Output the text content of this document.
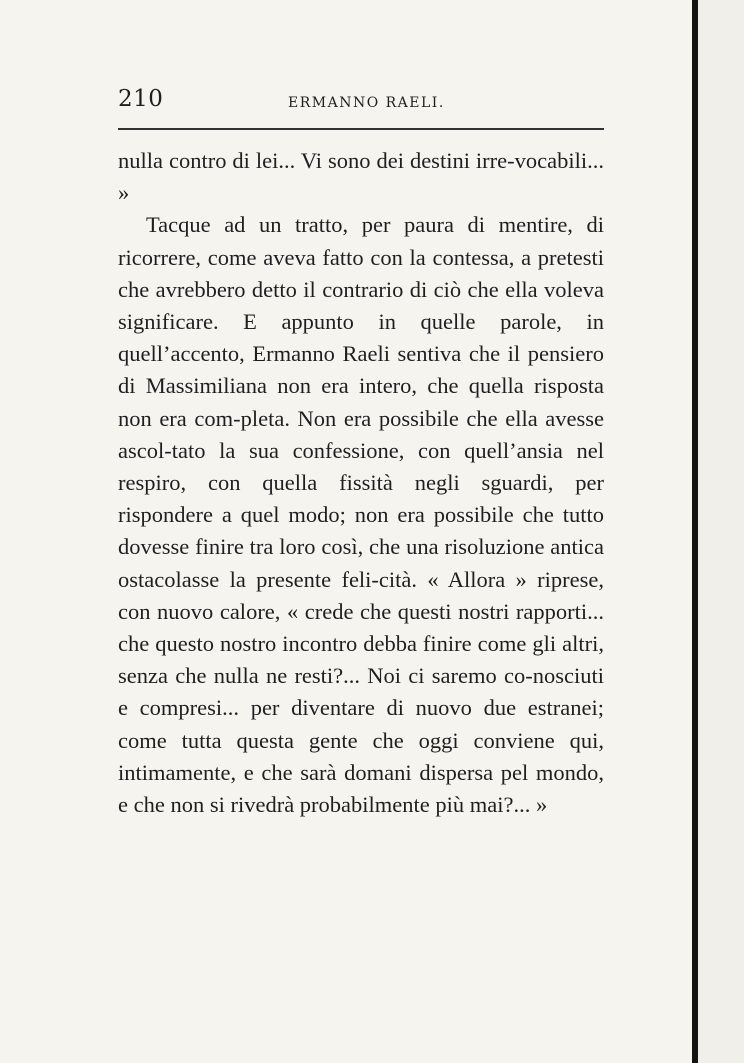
210	ERMANNO RAELI.

nulla contro di lei... Vi sono dei destini irre-vocabili... »

Tacque ad un tratto, per paura di mentire, di ricorrere, come aveva fatto con la contessa, a pretesti che avrebbero detto il contrario di ciò che ella voleva significare. E appunto in quelle parole, in quell’accento, Ermanno Raeli sentiva che il pensiero di Massimiliana non era intero, che quella risposta non era com-pleta. Non era possibile che ella avesse ascol-tato la sua confessione, con quell’ansia nel respiro, con quella fissità negli sguardi, per rispondere a quel modo; non era possibile che tutto dovesse finire tra loro così, che una risoluzione antica ostacolasse la presente feli-cità. « Allora » riprese, con nuovo calore, « crede che questi nostri rapporti... che questo nostro incontro debba finire come gli altri, senza che nulla ne resti?... Noi ci saremo co-nosciuti e compresi... per diventare di nuovo due estranei; come tutta questa gente che oggi conviene qui, intimamente, e che sarà domani dispersa pel mondo, e che non si rivedrà probabilmente più mai?... »
